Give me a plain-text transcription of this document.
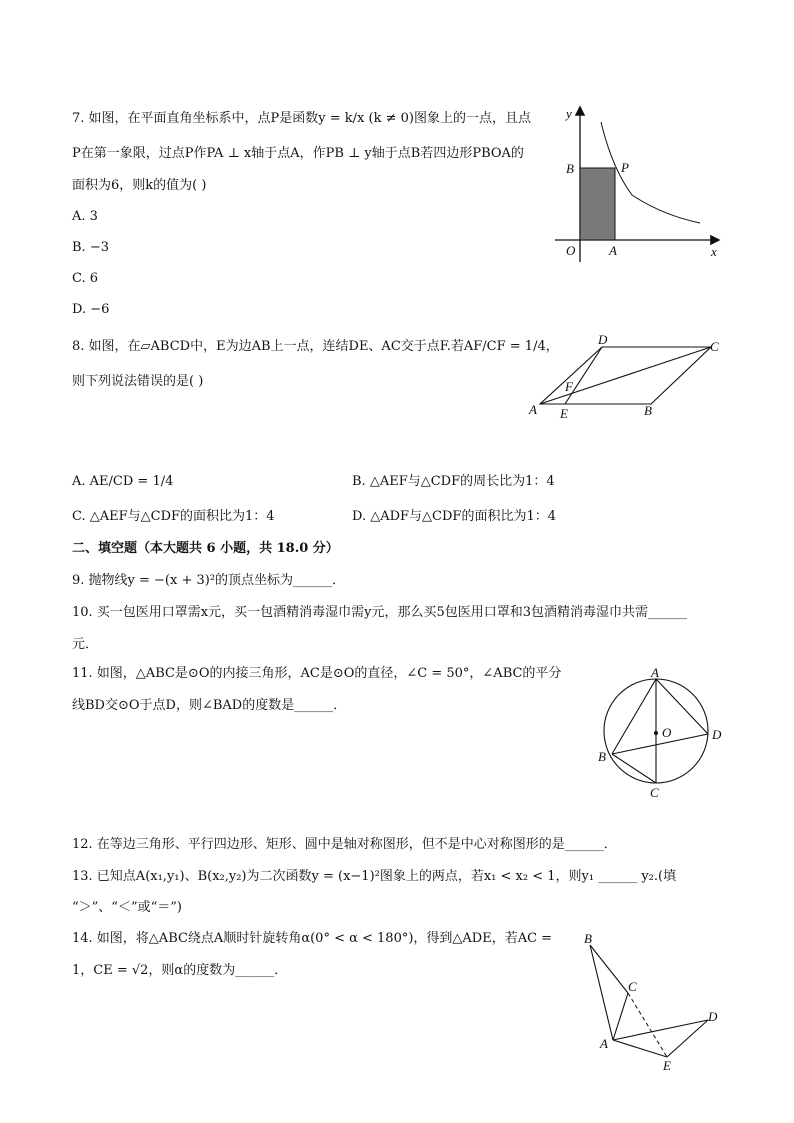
7. 如图，在平面直角坐标系中，点P是函数y = k/x (k ≠ 0)图象上的一点，且点
P在第一象限，过点P作PA ⊥ x轴于点A，作PB ⊥ y轴于点B若四边形PBOA的
面积为6，则k的值为( )
A. 3
B. −3
C. 6
D. −6
y
x
B	P
O	A
8. 如图，在▱ABCD中，E为边AB上一点，连结DE、AC交于点F.若AF/CF = 1/4，
则下列说法错误的是( )
D	C
F
A E	B
A. AE/CD = 1/4	B. △AEF与△CDF的周长比为1：4
C. △AEF与△CDF的面积比为1：4	D. △ADF与△CDF的面积比为1：4
二、填空题（本大题共 6 小题，共 18.0 分）
9. 抛物线y = −(x + 3)²的顶点坐标为______．
10. 买一包医用口罩需x元，买一包酒精消毒湿巾需y元，那么买5包医用口罩和3包酒精消毒湿巾共需______
元．
11. 如图，△ABC是⊙O的内接三角形，AC是⊙O的直径，∠C = 50°，∠ABC的平分
线BD交⊙O于点D，则∠BAD的度数是______．
A
O	D
B
C
12. 在等边三角形、平行四边形、矩形、圆中是轴对称图形，但不是中心对称图形的是______．
13. 已知点A(x₁,y₁)、B(x₂,y₂)为二次函数y = (x−1)²图象上的两点，若x₁ < x₂ < 1，则y₁ ______ y₂.(填
“＞”、“＜”或“＝”)
14. 如图，将△ABC绕点A顺时针旋转角α(0° < α < 180°)，得到△ADE，若AC =
1，CE = √2，则α的度数为______．
B
C
D
A
E
